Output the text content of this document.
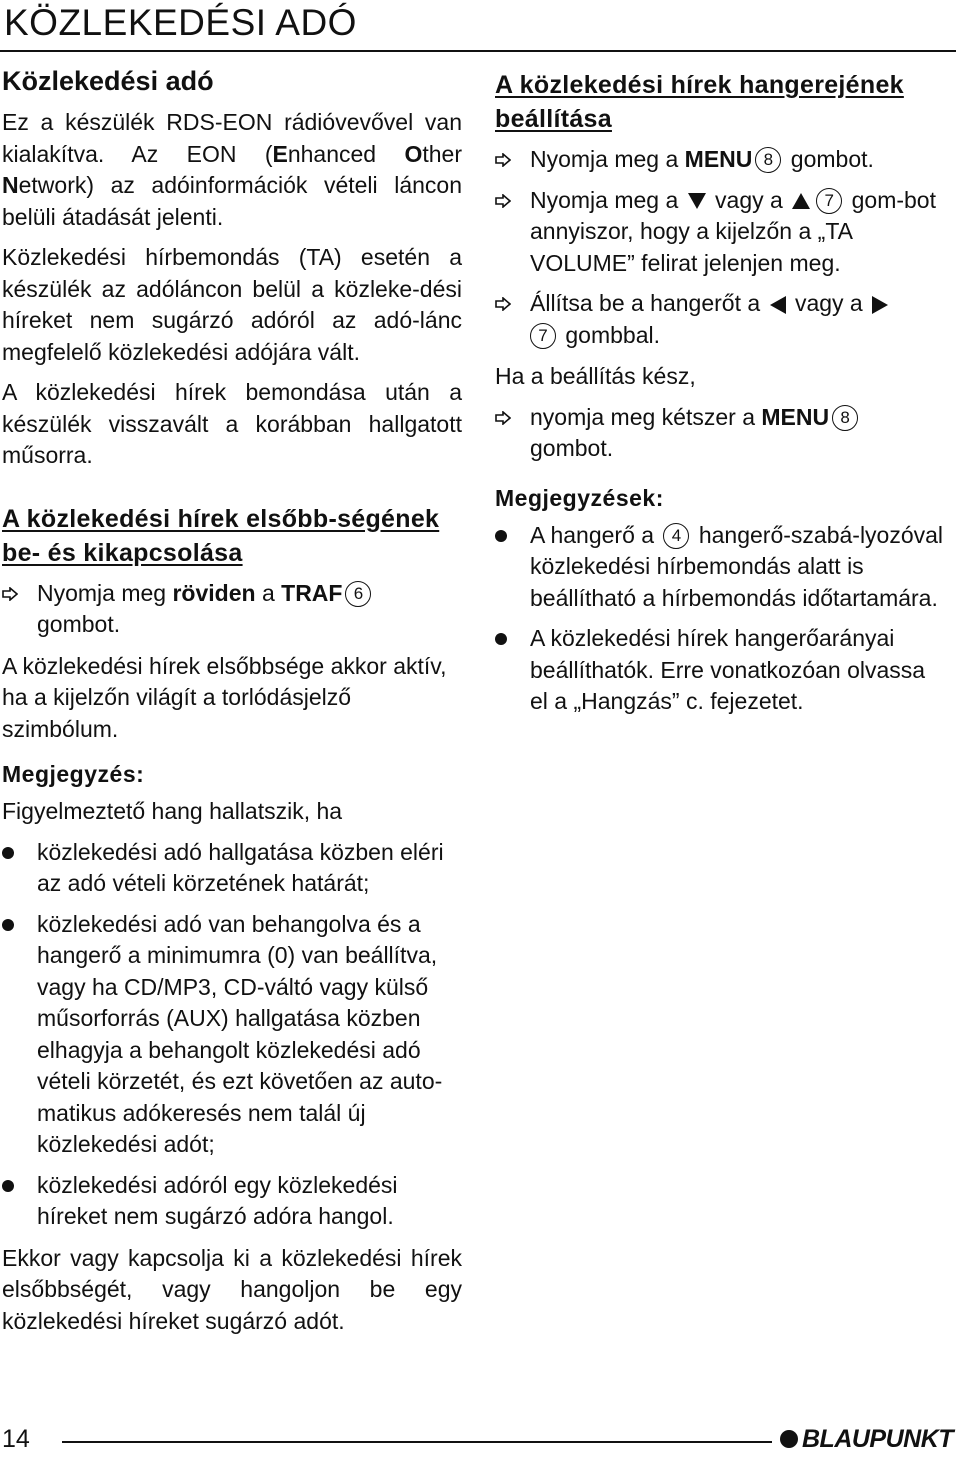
KÖZLEKEDÉSI ADÓ
Közlekedési adó

Ez a készülék RDS-EON rádióvevővel van kialakítva. Az EON (Enhanced Other Network) az adóinformációk vételi láncon belüli átadását jelenti.

Közlekedési hírbemondás (TA) esetén a készülék az adóláncon belül a közleke-dési híreket nem sugárzó adóról az adó-lánc megfelelő közlekedési adójára vált.

A közlekedési hírek bemondása után a készülék visszavált a korábban hallgatott műsorra.

A közlekedési hírek elsőbb-ségének be- és kikapcsolása
Nyomja meg röviden a TRAF 6 gombot.

A közlekedési hírek elsőbbsége akkor aktív, ha a kijelzőn világít a torlódásjelző szimbólum.

Megjegyzés:

Figyelmeztető hang hallatszik, ha

közlekedési adó hallgatása közben eléri az adó vételi körzetének határát;
közlekedési adó van behangolva és a hangerő a minimumra (0) van beállítva, vagy ha CD/MP3, CD-váltó vagy külső műsorforrás (AUX) hallgatása közben elhagyja a behangolt közlekedési adó vételi körzetét, és ezt követően az auto-matikus adókeresés nem talál új közlekedési adót;
közlekedési adóról egy közlekedési híreket nem sugárzó adóra hangol.

Ekkor vagy kapcsolja ki a közlekedési hírek elsőbbségét, vagy hangoljon be egy közlekedési híreket sugárzó adót.

A közlekedési hírek hangerejének beállítása
Nyomja meg a MENU 8 gombot.
Nyomja meg a  vagy a 7 gom-bot annyiszor, hogy a kijelzőn a „TA VOLUME” felirat jelenjen meg.
Állítsa be a hangerőt a  vagy a
7 gombbal.

Ha a beállítás kész,

nyomja meg kétszer a MENU 8 gombot.
Megjegyzések:
A hangerő a 4 hangerő-szabá-lyozóval közlekedési hírbemondás alatt is beállítható a hírbemondás időtartamára.
A közlekedési hírek hangerőarányai beállíthatók. Erre vonatkozóan olvassa el a „Hangzás” c. fejezetet.
14	BLAUPUNKT
